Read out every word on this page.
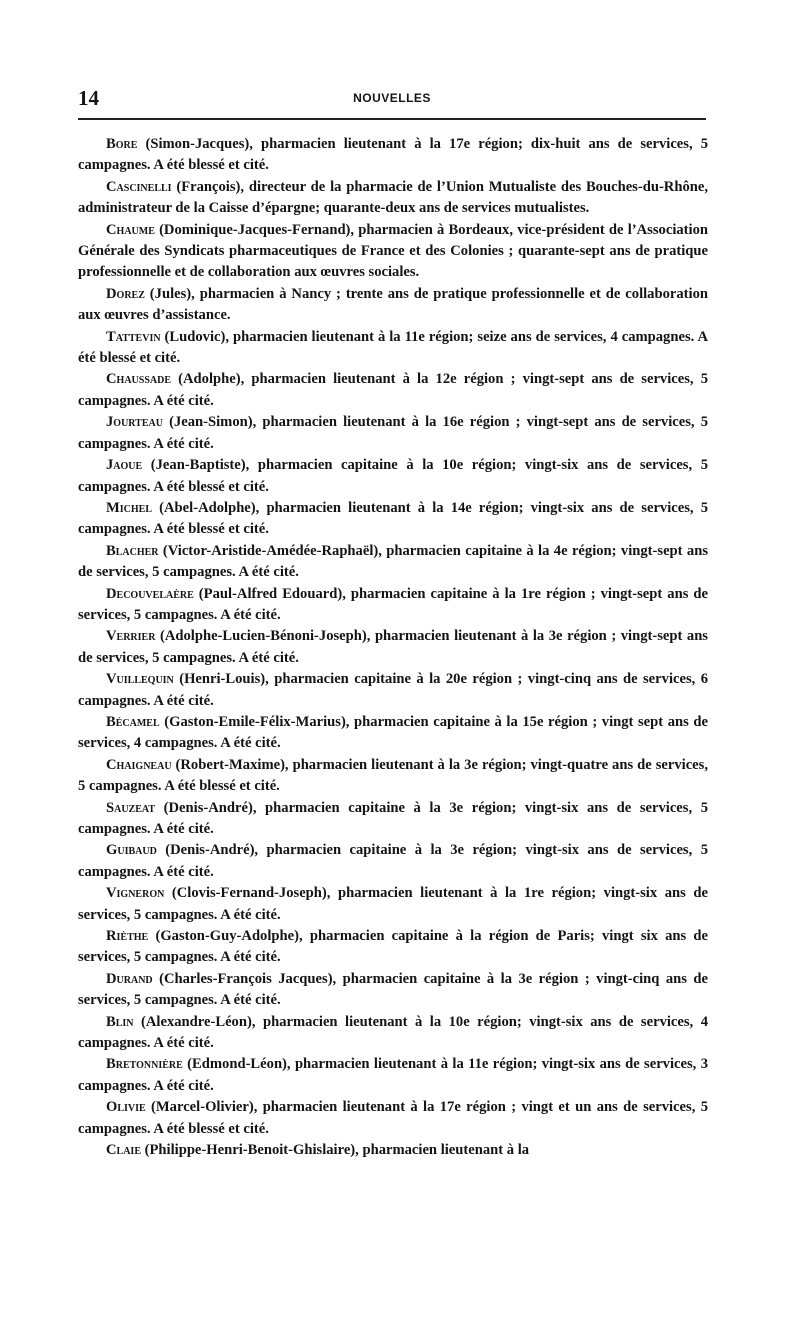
14	NOUVELLES

Bore (Simon-Jacques), pharmacien lieutenant à la 17e région; dix-huit ans de services, 5 campagnes. A été blessé et cité.

Cascinelli (François), directeur de la pharmacie de l’Union Mutualiste des Bouches-du-Rhône, administrateur de la Caisse d’épargne; quarante-deux ans de services mutualistes.

Chaume (Dominique-Jacques-Fernand), pharmacien à Bordeaux, vice-président de l’Association Générale des Syndicats pharmaceutiques de France et des Colonies ; quarante-sept ans de pratique professionnelle et de collaboration aux œuvres sociales.

Dorez (Jules), pharmacien à Nancy ; trente ans de pratique professionnelle et de collaboration aux œuvres d’assistance.

Tattevin (Ludovic), pharmacien lieutenant à la 11e région; seize ans de services, 4 campagnes. A été blessé et cité.

Chaussade (Adolphe), pharmacien lieutenant à la 12e région ; vingt-sept ans de services, 5 campagnes. A été cité.

Jourteau (Jean-Simon), pharmacien lieutenant à la 16e région ; vingt-sept ans de services, 5 campagnes. A été cité.

Jaoue (Jean-Baptiste), pharmacien capitaine à la 10e région; vingt-six ans de services, 5 campagnes. A été blessé et cité.

Michel (Abel-Adolphe), pharmacien lieutenant à la 14e région; vingt-six ans de services, 5 campagnes. A été blessé et cité.

Blacher (Victor-Aristide-Amédée-Raphaël), pharmacien capitaine à la 4e région; vingt-sept ans de services, 5 campagnes. A été cité.

Decouvelaère (Paul-Alfred Edouard), pharmacien capitaine à la 1re région ; vingt-sept ans de services, 5 campagnes. A été cité.

Verrier (Adolphe-Lucien-Bénoni-Joseph), pharmacien lieutenant à la 3e région ; vingt-sept ans de services, 5 campagnes. A été cité.

Vuillequin (Henri-Louis), pharmacien capitaine à la 20e région ; vingt-cinq ans de services, 6 campagnes. A été cité.

Bécamel (Gaston-Emile-Félix-Marius), pharmacien capitaine à la 15e région ; vingt sept ans de services, 4 campagnes. A été cité.

Chaigneau (Robert-Maxime), pharmacien lieutenant à la 3e région; vingt-quatre ans de services, 5 campagnes. A été blessé et cité.

Sauzeat (Denis-André), pharmacien capitaine à la 3e région; vingt-six ans de services, 5 campagnes. A été cité.

Guibaud (Denis-André), pharmacien capitaine à la 3e région; vingt-six ans de services, 5 campagnes. A été cité.

Vigneron (Clovis-Fernand-Joseph), pharmacien lieutenant à la 1re région; vingt-six ans de services, 5 campagnes. A été cité.

Rièthe (Gaston-Guy-Adolphe), pharmacien capitaine à la région de Paris; vingt six ans de services, 5 campagnes. A été cité.

Durand (Charles-François Jacques), pharmacien capitaine à la 3e région ; vingt-cinq ans de services, 5 campagnes. A été cité.

Blin (Alexandre-Léon), pharmacien lieutenant à la 10e région; vingt-six ans de services, 4 campagnes. A été cité.

Bretonnière (Edmond-Léon), pharmacien lieutenant à la 11e région; vingt-six ans de services, 3 campagnes. A été cité.

Olivie (Marcel-Olivier), pharmacien lieutenant à la 17e région ; vingt et un ans de services, 5 campagnes. A été blessé et cité.

Claie (Philippe-Henri-Benoit-Ghislaire), pharmacien lieutenant à la
